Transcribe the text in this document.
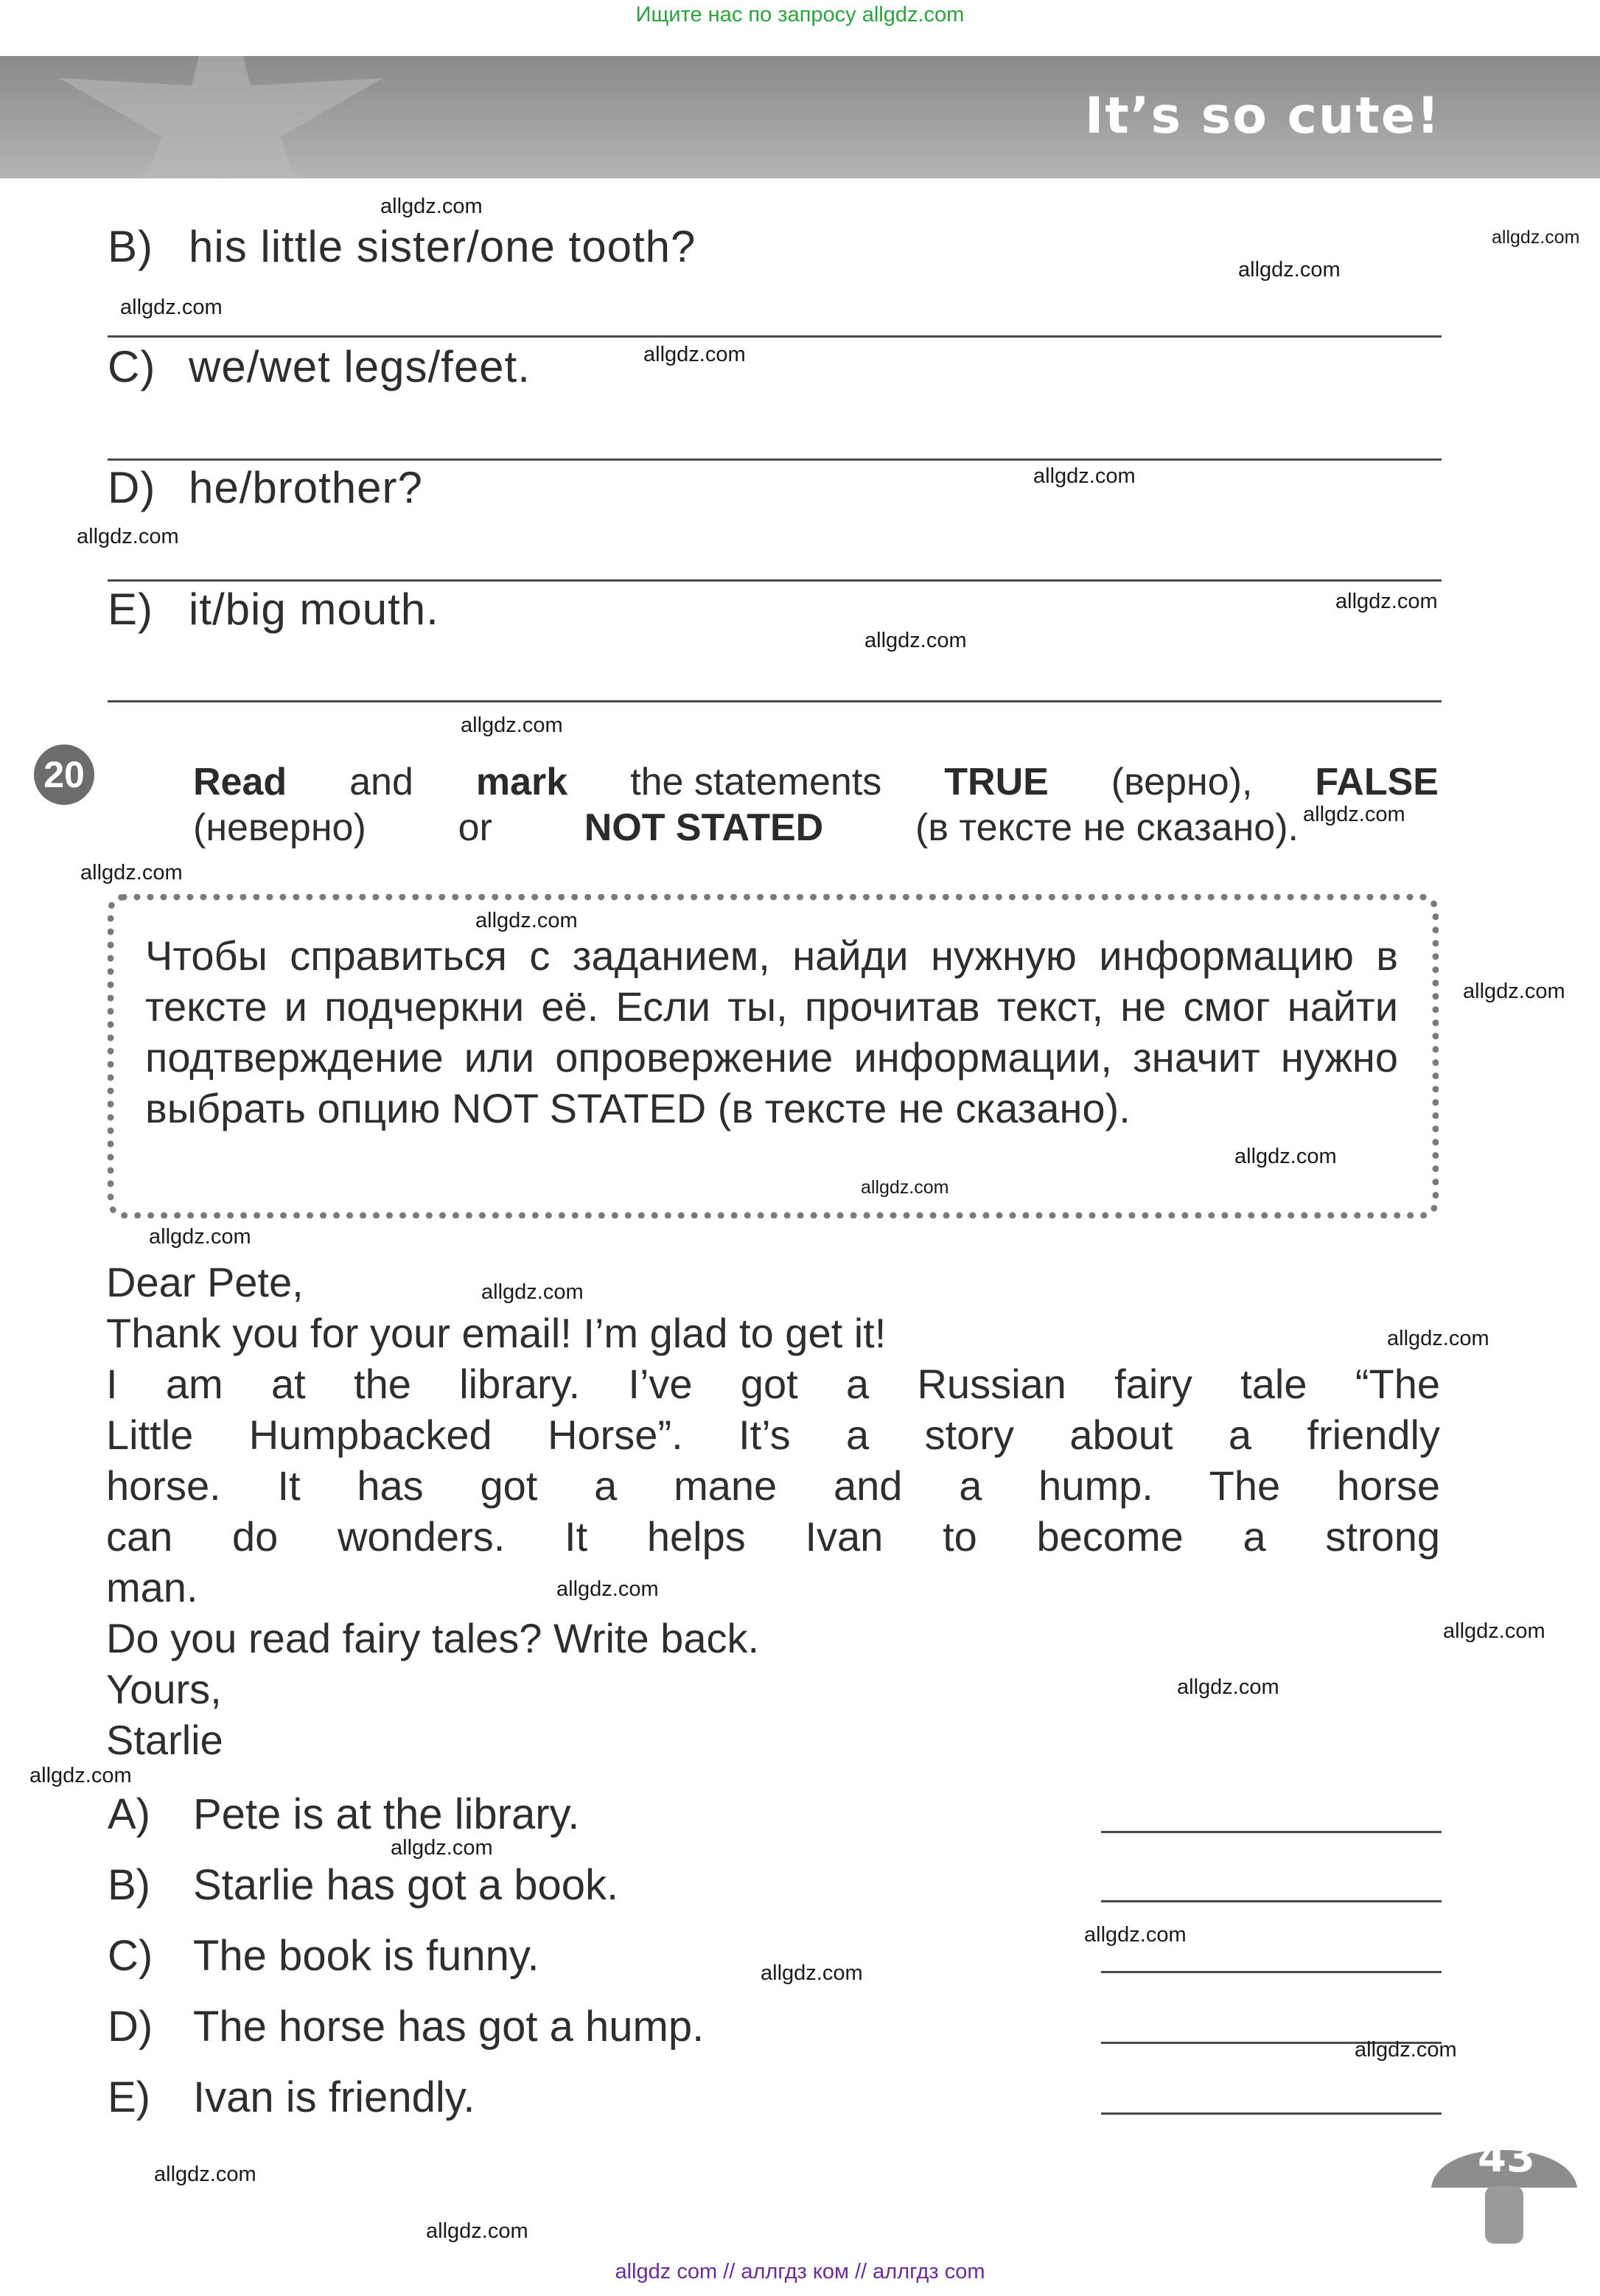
Ищите нас по запросу allgdz.com
It’s so cute!

B) his little sister/one tooth?
C) we/wet legs/feet.
D) he/brother?
E) it/big mouth.
20	Read and mark the statements TRUE (верно), FALSE
(неверно) or NOT STATED (в тексте не сказано).
Чтобы справиться с заданием, найди нужную информацию в тексте и подчеркни её. Если ты, прочитав текст, не смог найти подтверждение или опровержение информации, значит нужно выбрать опцию NOT STATED (в тексте не сказано).
Dear Pete,
Thank you for your email! I’m glad to get it!
I am at the library. I’ve got a Russian fairy tale “The
Little Humpbacked Horse”. It’s a story about a friendly
horse. It has got a mane and a hump. The horse
can do wonders. It helps Ivan to become a strong
man.
Do you read fairy tales? Write back.
Yours,
Starlie
A) Pete is at the library.
B) Starlie has got a book.
C) The book is funny.
D) The horse has got a hump.
E) Ivan is friendly.
43
allgdz.com
allgdz.com
allgdz.com
allgdz.com
allgdz.com
allgdz.com
allgdz.com
allgdz.com
allgdz.com
allgdz.com
allgdz.com
allgdz.com
allgdz.com
allgdz.com
allgdz.com
allgdz.com
allgdz.com
allgdz.com
allgdz.com
allgdz.com
allgdz.com
allgdz.com
allgdz.com
allgdz.com
allgdz.com
allgdz.com
allgdz.com
allgdz.com
allgdz.com
allgdz com // аллгдз ком // аллгдз com
